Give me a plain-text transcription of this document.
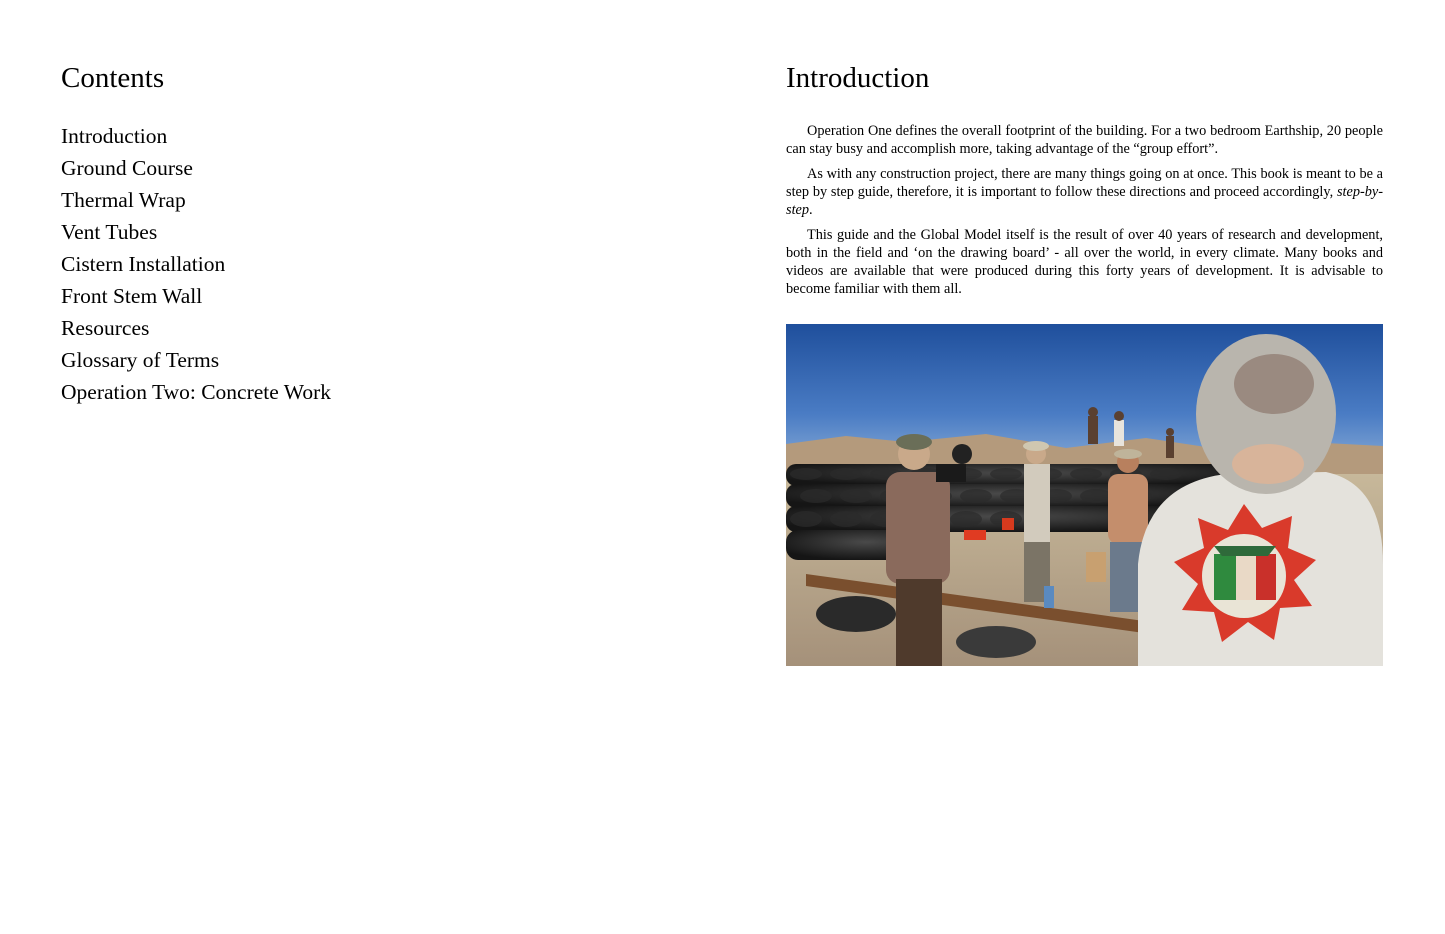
Contents
Introduction
Ground Course
Thermal Wrap
Vent Tubes
Cistern Installation
Front Stem Wall
Resources
Glossary of Terms
Operation Two: Concrete Work
Introduction

Operation One defines the overall footprint of the building. For a two bedroom Earthship, 20 people can stay busy and accomplish more, taking advantage of the “group effort”.

As with any construction project, there are many things going on at once. This book is meant to be a step by step guide, therefore, it is important to follow these directions and proceed accordingly, step-by-step.

This guide and the Global Model itself is the result of over 40 years of research and development, both in the field and ‘on the drawing board’ - all over the world, in every climate. Many books and videos are available that were produced during this forty years of development. It is advisable to become familiar with them all.
